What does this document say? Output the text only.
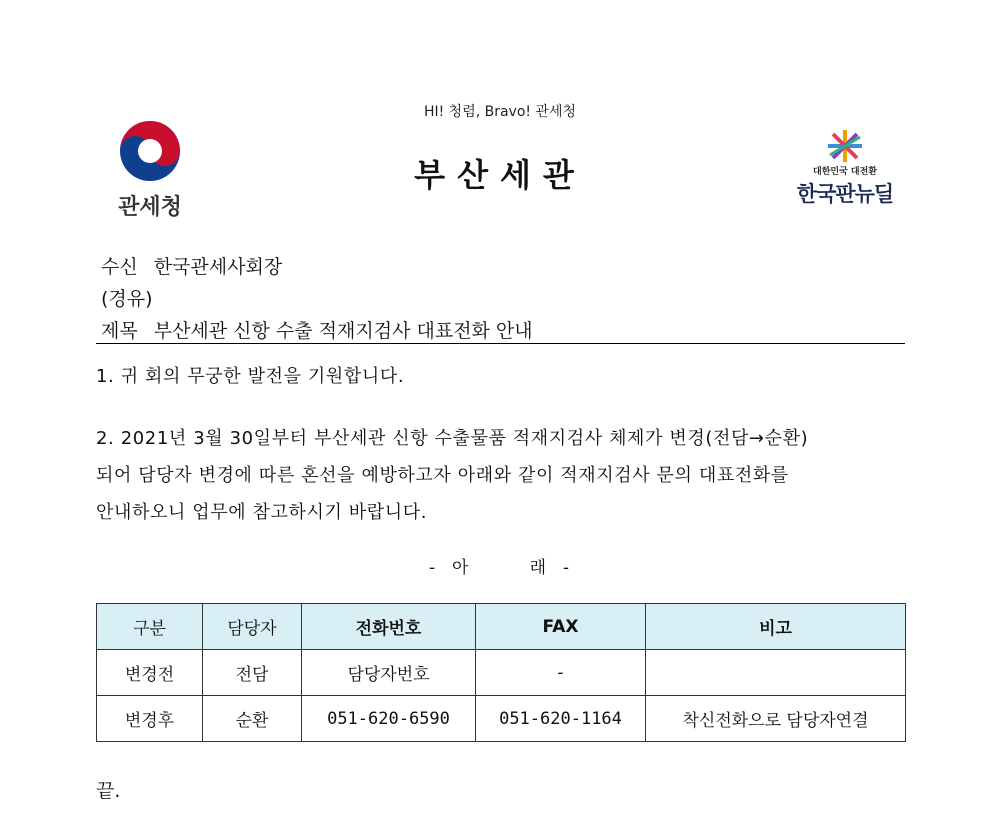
HI! 청렴, Bravo! 관세청
부산세관
관세청
대한민국 대전환
한국판뉴딜
수신 한국관세사회장
(경유)
제목 부산세관 신항 수출 적재지검사 대표전화 안내

1. 귀 회의 무궁한 발전을 기원합니다.

2. 2021년 3월 30일부터 부산세관 신항 수출물품 적재지검사 체제가 변경(전담→순환)

되어 담당자 변경에 따른 혼선을 예방하고자 아래와 같이 적재지검사 문의 대표전화를

안내하오니 업무에 참고하시기 바랍니다.

-  아        래  -
구분	담당자	전화번호	FAX	비고
변경전	전담	담당자번호	-	
변경후	순환	051-620-6590	051-620-1164	착신전화으로 담당자연결
끝.
